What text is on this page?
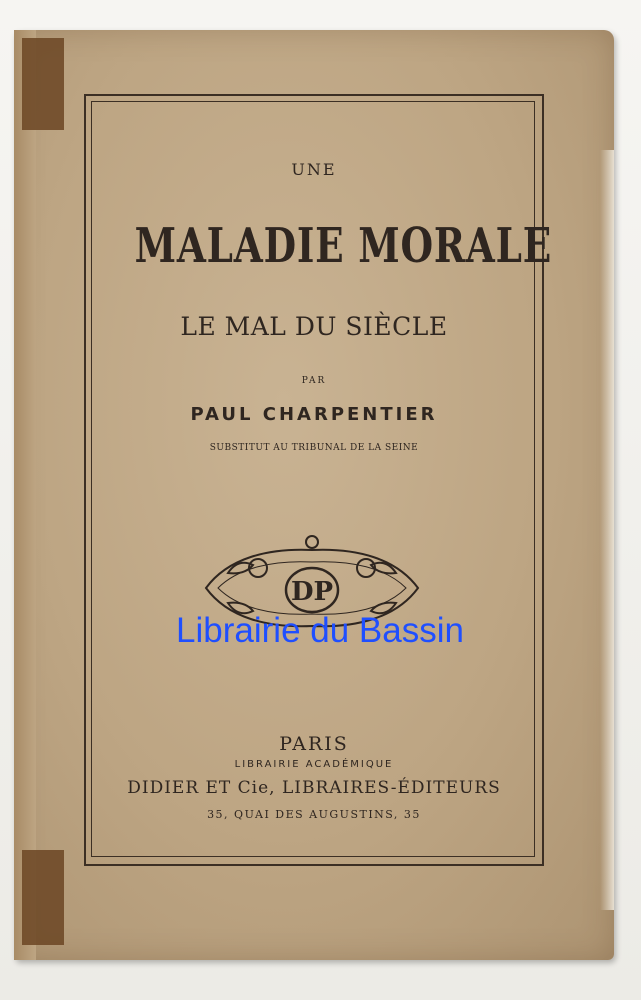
UNE

MALADIE MORALE

LE MAL DU SIÈCLE

PAR

PAUL CHARPENTIER

SUBSTITUT AU TRIBUNAL DE LA SEINE

DP

PARIS

LIBRAIRIE ACADÉMIQUE

DIDIER ET Cie, LIBRAIRES-ÉDITEURS

35, QUAI DES AUGUSTINS, 35

Librairie du Bassin
